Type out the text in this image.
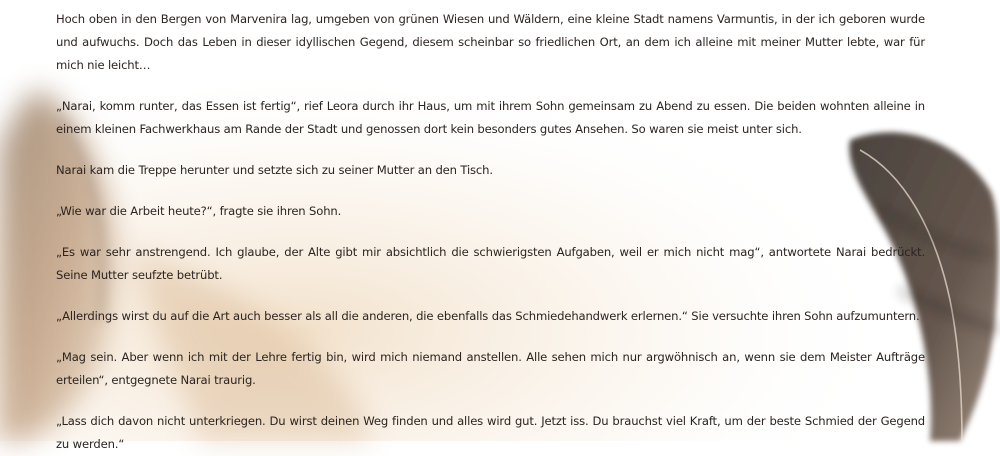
Hoch oben in den Bergen von Marvenira lag, umgeben von grünen Wiesen und Wäldern, eine kleine Stadt namens Varmuntis, in der ich geboren wurde und aufwuchs. Doch das Leben in dieser idyllischen Gegend, diesem scheinbar so friedlichen Ort, an dem ich alleine mit meiner Mutter lebte, war für mich nie leicht…

„Narai, komm runter, das Essen ist fertig“, rief Leora durch ihr Haus, um mit ihrem Sohn gemeinsam zu Abend zu essen. Die beiden wohnten alleine in einem kleinen Fachwerkhaus am Rande der Stadt und genossen dort kein besonders gutes Ansehen. So waren sie meist unter sich.

Narai kam die Treppe herunter und setzte sich zu seiner Mutter an den Tisch.

„Wie war die Arbeit heute?“, fragte sie ihren Sohn.

„Es war sehr anstrengend. Ich glaube, der Alte gibt mir absichtlich die schwierigsten Aufgaben, weil er mich nicht mag“, antwortete Narai bedrückt. Seine Mutter seufzte betrübt.

„Allerdings wirst du auf die Art auch besser als all die anderen, die ebenfalls das Schmiedehandwerk erlernen.“ Sie versuchte ihren Sohn aufzumuntern.

„Mag sein. Aber wenn ich mit der Lehre fertig bin, wird mich niemand anstellen. Alle sehen mich nur argwöhnisch an, wenn sie dem Meister Aufträge erteilen“, entgegnete Narai traurig.

„Lass dich davon nicht unterkriegen. Du wirst deinen Weg finden und alles wird gut. Jetzt iss. Du brauchst viel Kraft, um der beste Schmied der Gegend zu werden.“
